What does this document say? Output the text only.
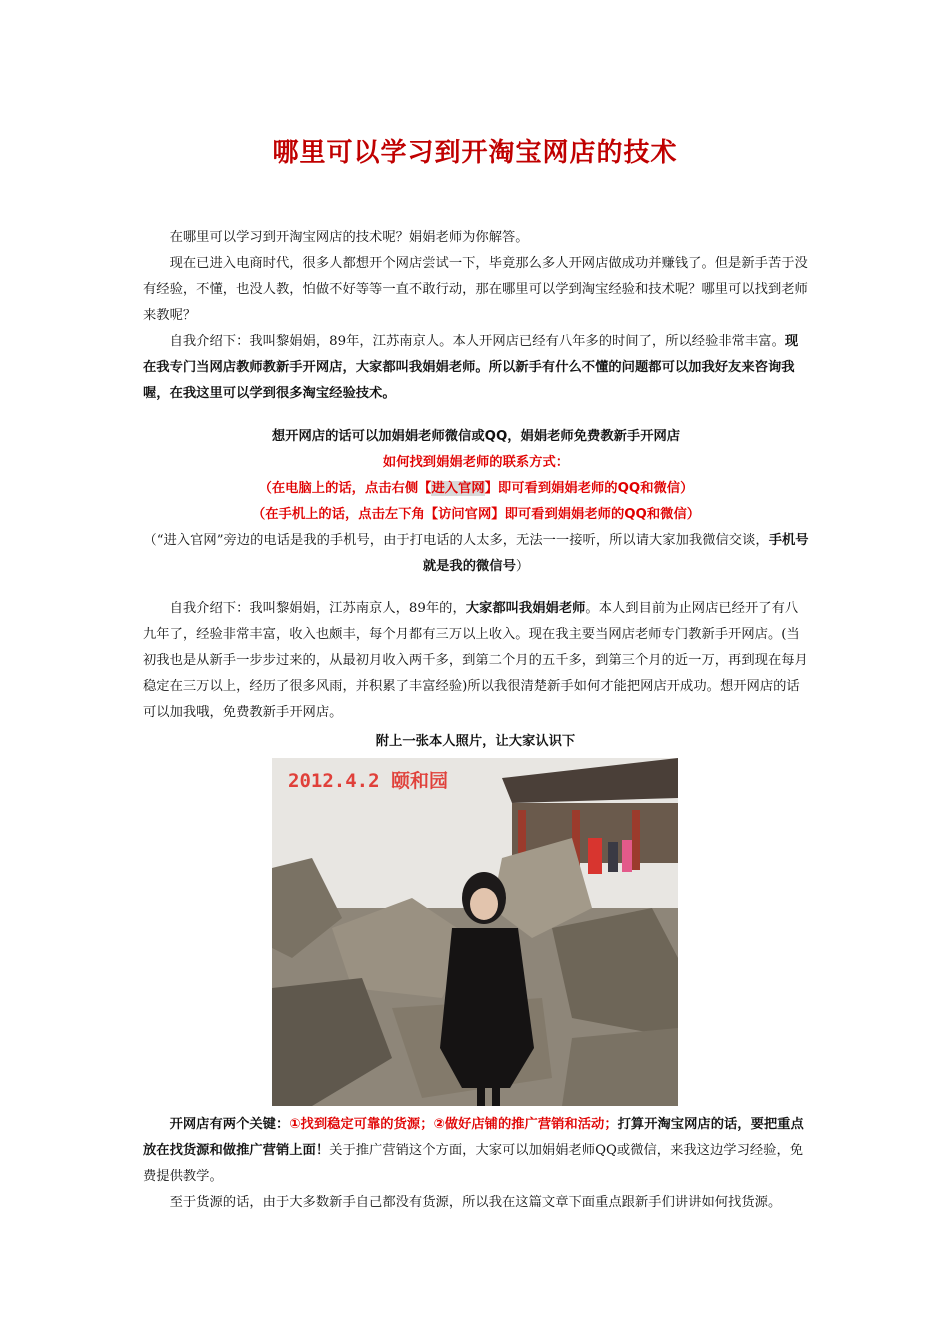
哪里可以学习到开淘宝网店的技术

在哪里可以学习到开淘宝网店的技术呢？娟娟老师为你解答。

现在已进入电商时代，很多人都想开个网店尝试一下，毕竟那么多人开网店做成功并赚钱了。但是新手苦于没有经验，不懂，也没人教，怕做不好等等一直不敢行动，那在哪里可以学到淘宝经验和技术呢？哪里可以找到老师来教呢？

自我介绍下：我叫黎娟娟，89年，江苏南京人。本人开网店已经有八年多的时间了，所以经验非常丰富。现在我专门当网店教师教新手开网店，大家都叫我娟娟老师。所以新手有什么不懂的问题都可以加我好友来咨询我喔，在我这里可以学到很多淘宝经验技术。

想开网店的话可以加娟娟老师微信或QQ，娟娟老师免费教新手开网店

如何找到娟娟老师的联系方式：

（在电脑上的话，点击右侧【进入官网】即可看到娟娟老师的QQ和微信）

（在手机上的话，点击左下角【访问官网】即可看到娟娟老师的QQ和微信）

（“进入官网”旁边的电话是我的手机号，由于打电话的人太多，无法一一接听，所以请大家加我微信交谈，手机号就是我的微信号）

自我介绍下：我叫黎娟娟，江苏南京人，89年的，大家都叫我娟娟老师。本人到目前为止网店已经开了有八九年了，经验非常丰富，收入也颇丰，每个月都有三万以上收入。现在我主要当网店老师专门教新手开网店。(当初我也是从新手一步步过来的，从最初月收入两千多，到第二个月的五千多，到第三个月的近一万，再到现在每月稳定在三万以上，经历了很多风雨，并积累了丰富经验)所以我很清楚新手如何才能把网店开成功。想开网店的话可以加我哦，免费教新手开网店。

附上一张本人照片，让大家认识下

2012.4.2 颐和园

开网店有两个关键：①找到稳定可靠的货源；②做好店铺的推广营销和活动；打算开淘宝网店的话，要把重点放在找货源和做推广营销上面！关于推广营销这个方面，大家可以加娟娟老师QQ或微信，来我这边学习经验，免费提供教学。

至于货源的话，由于大多数新手自己都没有货源，所以我在这篇文章下面重点跟新手们讲讲如何找货源。
